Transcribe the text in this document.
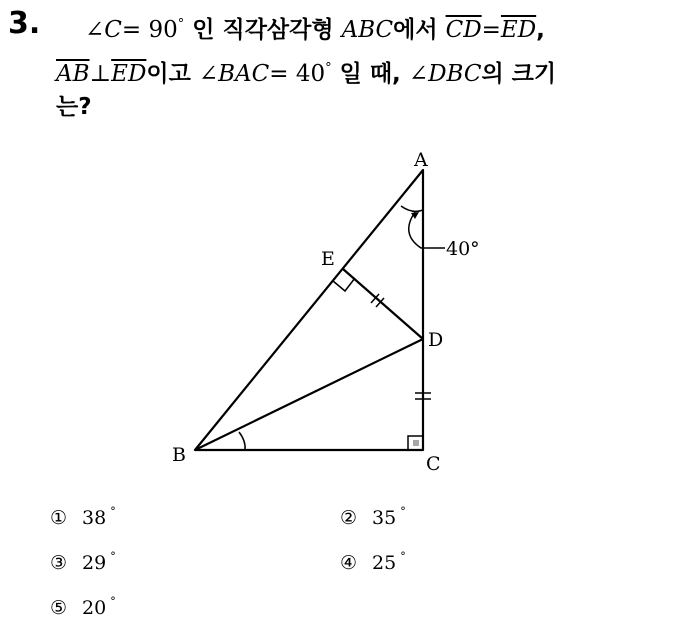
3. ∠C= 90° 인 직각삼각형 ABC에서 $\overline{CD}=\overline{ED}$,
$\overline{AB}\perp\overline{ED}$이고 ∠BAC= 40° 일 때, ∠DBC의 크기
는?
A
B	C
D
E	40°
① 38 °	② 35 °
③ 29 °	④ 25 °
⑤ 20 °
